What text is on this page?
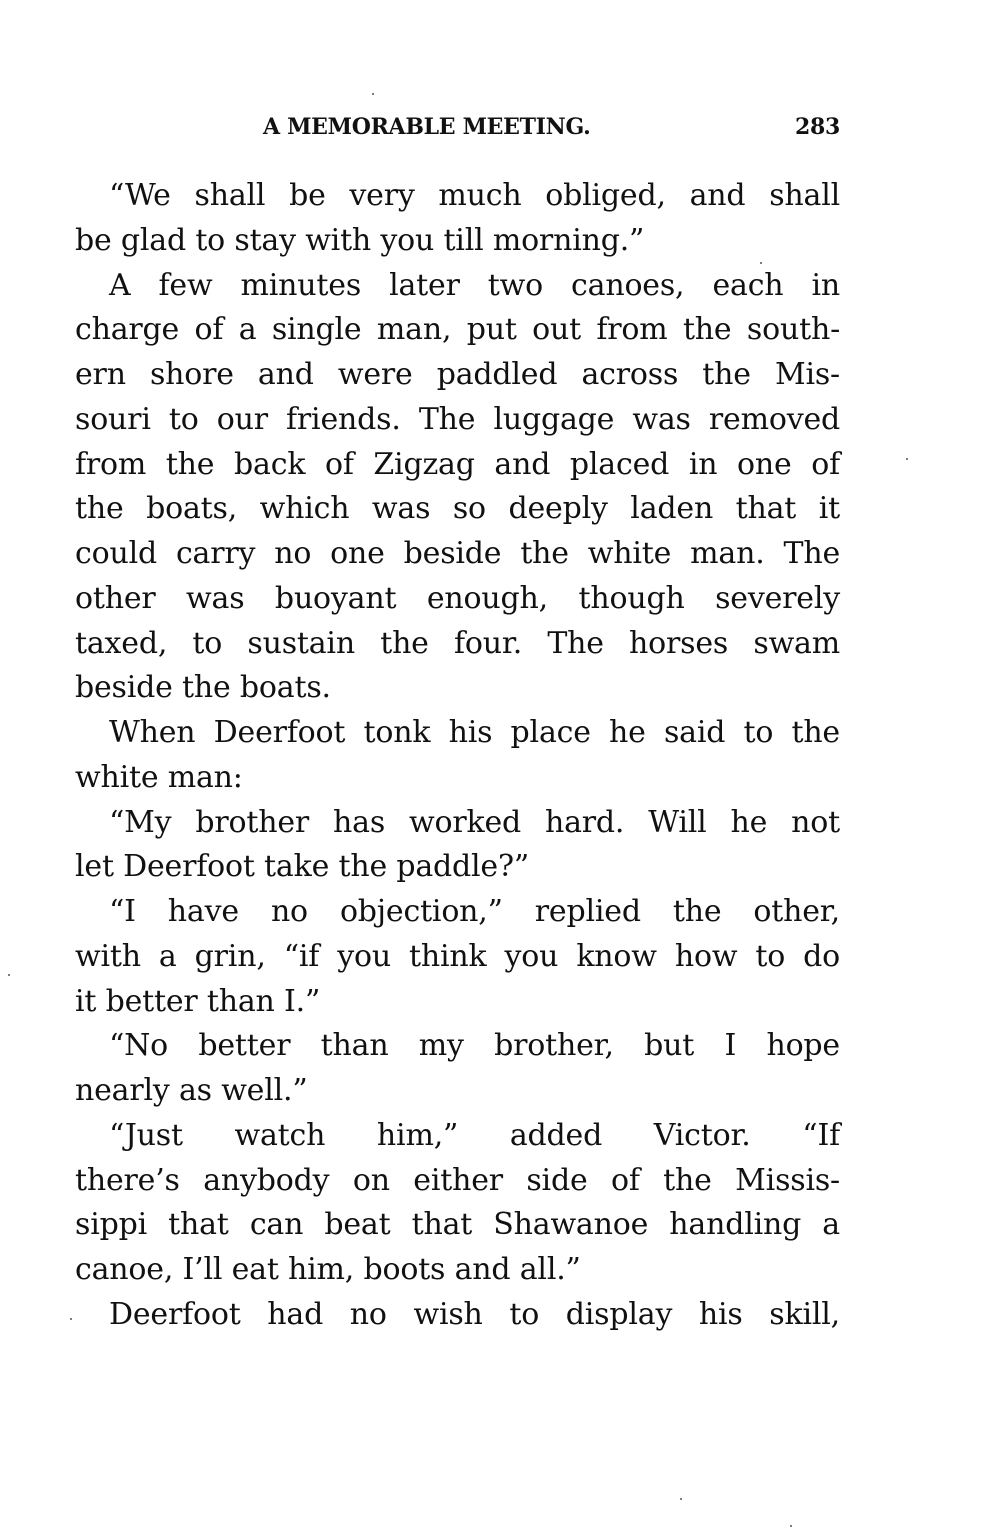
A MEMORABLE MEETING.	283
“We shall be very much obliged, and shall
be glad to stay with you till morning.”
A few minutes later two canoes, each in
charge of a single man, put out from the south-
ern shore and were paddled across the Mis-
souri to our friends. The luggage was removed
from the back of Zigzag and placed in one of
the boats, which was so deeply laden that it
could carry no one beside the white man. The
other was buoyant enough, though severely
taxed, to sustain the four. The horses swam
beside the boats.
When Deerfoot tonk his place he said to the
white man:
“My brother has worked hard. Will he not
let Deerfoot take the paddle?”
“I have no objection,” replied the other,
with a grin, “if you think you know how to do
it better than I.”
“No better than my brother, but I hope
nearly as well.”
“Just watch him,” added Victor. “If
there’s anybody on either side of the Missis-
sippi that can beat that Shawanoe handling a
canoe, I’ll eat him, boots and all.”
Deerfoot had no wish to display his skill,
